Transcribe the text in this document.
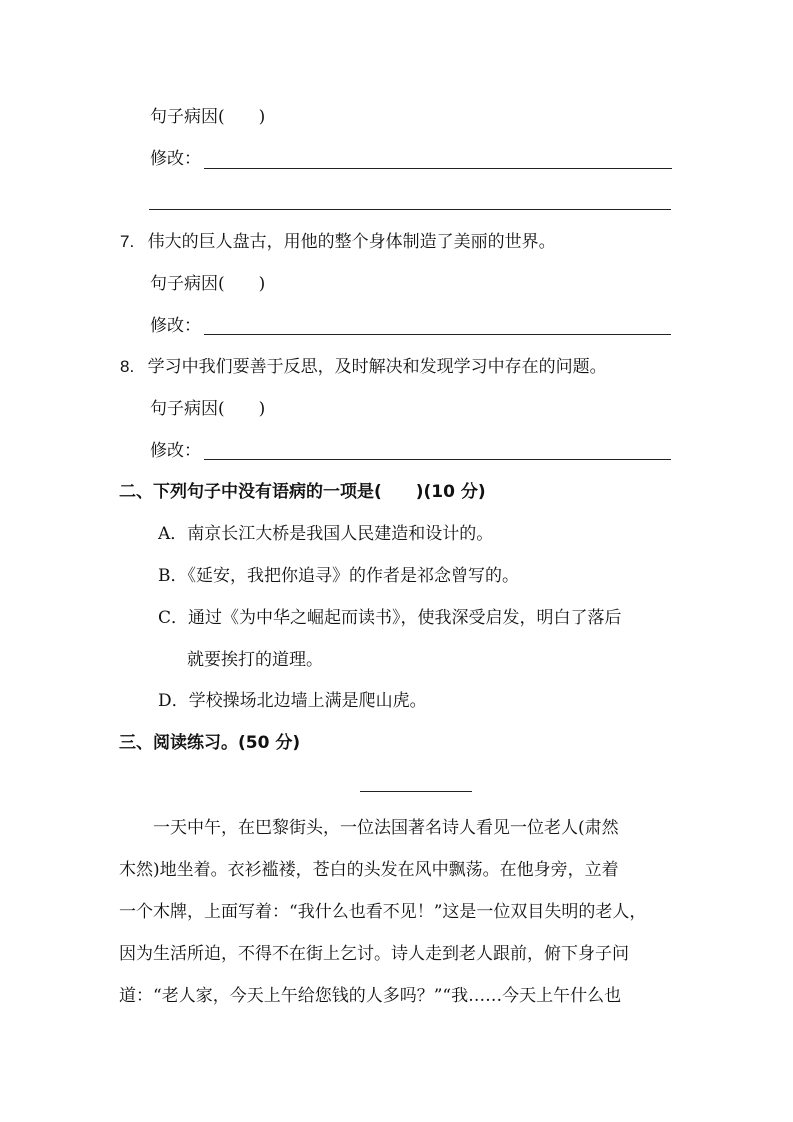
句子病因(　　)
修改：
7. 伟大的巨人盘古，用他的整个身体制造了美丽的世界。
句子病因(　　)
修改：
8. 学习中我们要善于反思，及时解决和发现学习中存在的问题。
句子病因(　　)
修改：
二、下列句子中没有语病的一项是(　　)(10 分)
A．南京长江大桥是我国人民建造和设计的。
B．《延安，我把你追寻》的作者是祁念曾写的。
C．通过《为中华之崛起而读书》，使我深受启发，明白了落后
就要挨打的道理。
D．学校操场北边墙上满是爬山虎。
三、阅读练习。(50 分)

　　一天中午，在巴黎街头，一位法国著名诗人看见一位老人(肃然

木然)地坐着。衣衫褴褛，苍白的头发在风中飘荡。在他身旁，立着

一个木牌，上面写着：“我什么也看不见！”这是一位双目失明的老人，

因为生活所迫，不得不在街上乞讨。诗人走到老人跟前，俯下身子问

道：“老人家，今天上午给您钱的人多吗？”“我……今天上午什么也
